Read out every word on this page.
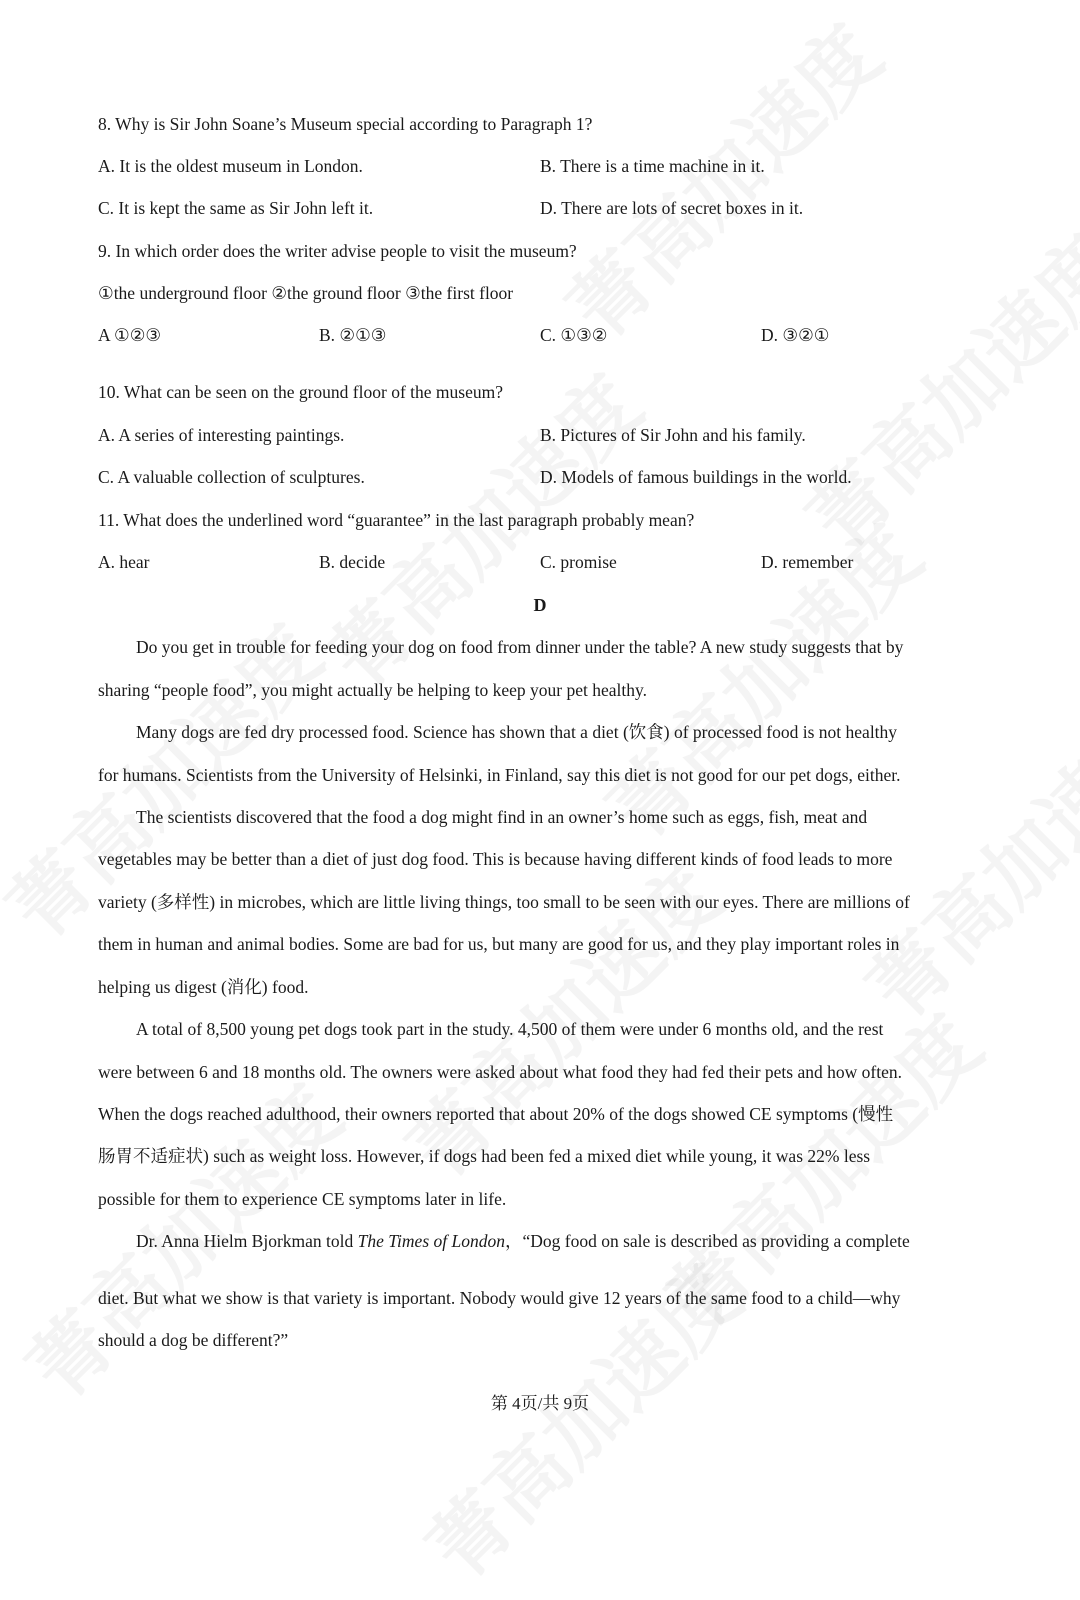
8. Why is Sir John Soane’s Museum special according to Paragraph 1?
A. It is the oldest museum in London.	B. There is a time machine in it.
C. It is kept the same as Sir John left it.	D. There are lots of secret boxes in it.
9. In which order does the writer advise people to visit the museum?
①the underground floor ②the ground floor ③the first floor
A ①②③	B. ②①③	C. ①③②	D. ③②①
10. What can be seen on the ground floor of the museum?
A. A series of interesting paintings.	B. Pictures of Sir John and his family.
C. A valuable collection of sculptures.	D. Models of famous buildings in the world.
11. What does the underlined word “guarantee” in the last paragraph probably mean?
A. hear	B. decide	C. promise	D. remember
D
Do you get in trouble for feeding your dog on food from dinner under the table? A new study suggests that by
sharing “people food”, you might actually be helping to keep your pet healthy.
Many dogs are fed dry processed food. Science has shown that a diet (饮食) of processed food is not healthy
for humans. Scientists from the University of Helsinki, in Finland, say this diet is not good for our pet dogs, either.
The scientists discovered that the food a dog might find in an owner’s home such as eggs, fish, meat and
vegetables may be better than a diet of just dog food. This is because having different kinds of food leads to more
variety (多样性) in microbes, which are little living things, too small to be seen with our eyes. There are millions of
them in human and animal bodies. Some are bad for us, but many are good for us, and they play important roles in
helping us digest (消化) food.
A total of 8,500 young pet dogs took part in the study. 4,500 of them were under 6 months old, and the rest
were between 6 and 18 months old. The owners were asked about what food they had fed their pets and how often.
When the dogs reached adulthood, their owners reported that about 20% of the dogs showed CE symptoms (慢性
肠胃不适症状) such as weight loss. However, if dogs had been fed a mixed diet while young, it was 22% less
possible for them to experience CE symptoms later in life.
Dr. Anna Hielm Bjorkman told The Times of London，“Dog food on sale is described as providing a complete
diet. But what we show is that variety is important. Nobody would give 12 years of the same food to a child—why
should a dog be different?”
第 4页/共 9页
